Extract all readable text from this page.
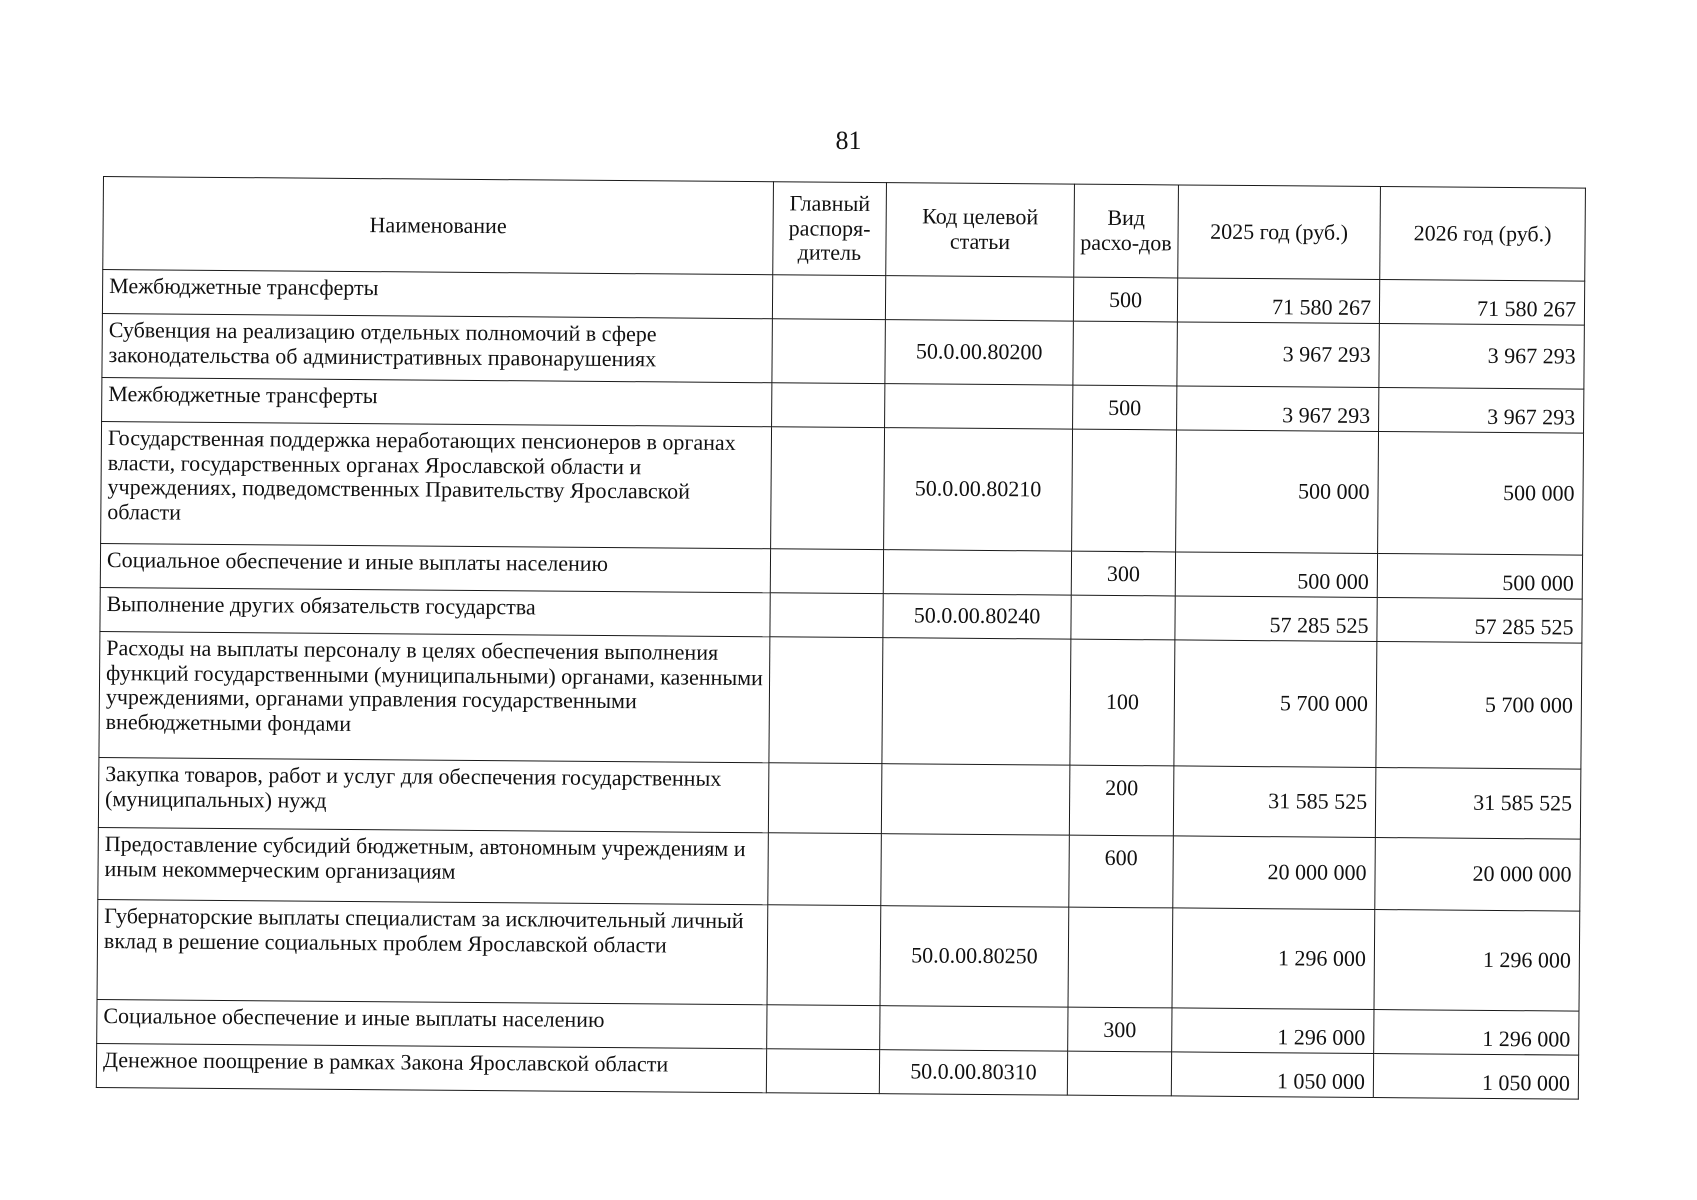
81
Наименование	Главный распоря-дитель	Код целевой статьи	Вид расхо-дов	2025 год (руб.)	2026 год (руб.)
Межбюджетные трансферты			500	71 580 267	71 580 267
Субвенция на реализацию отдельных полномочий в сфере законодательства об административных правонарушениях		50.0.00.80200		3 967 293	3 967 293
Межбюджетные трансферты			500	3 967 293	3 967 293
Государственная поддержка неработающих пенсионеров в органах власти, государственных органах Ярославской области и учреждениях, подведомственных Правительству Ярославской области		50.0.00.80210		500 000	500 000
Социальное обеспечение и иные выплаты населению			300	500 000	500 000
Выполнение других обязательств государства		50.0.00.80240		57 285 525	57 285 525
Расходы на выплаты персоналу в целях обеспечения выполнения функций государственными (муниципальными) органами, казенными учреждениями, органами управления государственными внебюджетными фондами			100	5 700 000	5 700 000
Закупка товаров, работ и услуг для обеспечения государственных (муниципальных) нужд			200	31 585 525	31 585 525
Предоставление субсидий бюджетным, автономным учреждениям и иным некоммерческим организациям			600	20 000 000	20 000 000
Губернаторские выплаты специалистам за исключительный личный вклад в решение социальных проблем Ярославской области		50.0.00.80250		1 296 000	1 296 000
Социальное обеспечение и иные выплаты населению			300	1 296 000	1 296 000
Денежное поощрение в рамках Закона Ярославской области		50.0.00.80310		1 050 000	1 050 000
